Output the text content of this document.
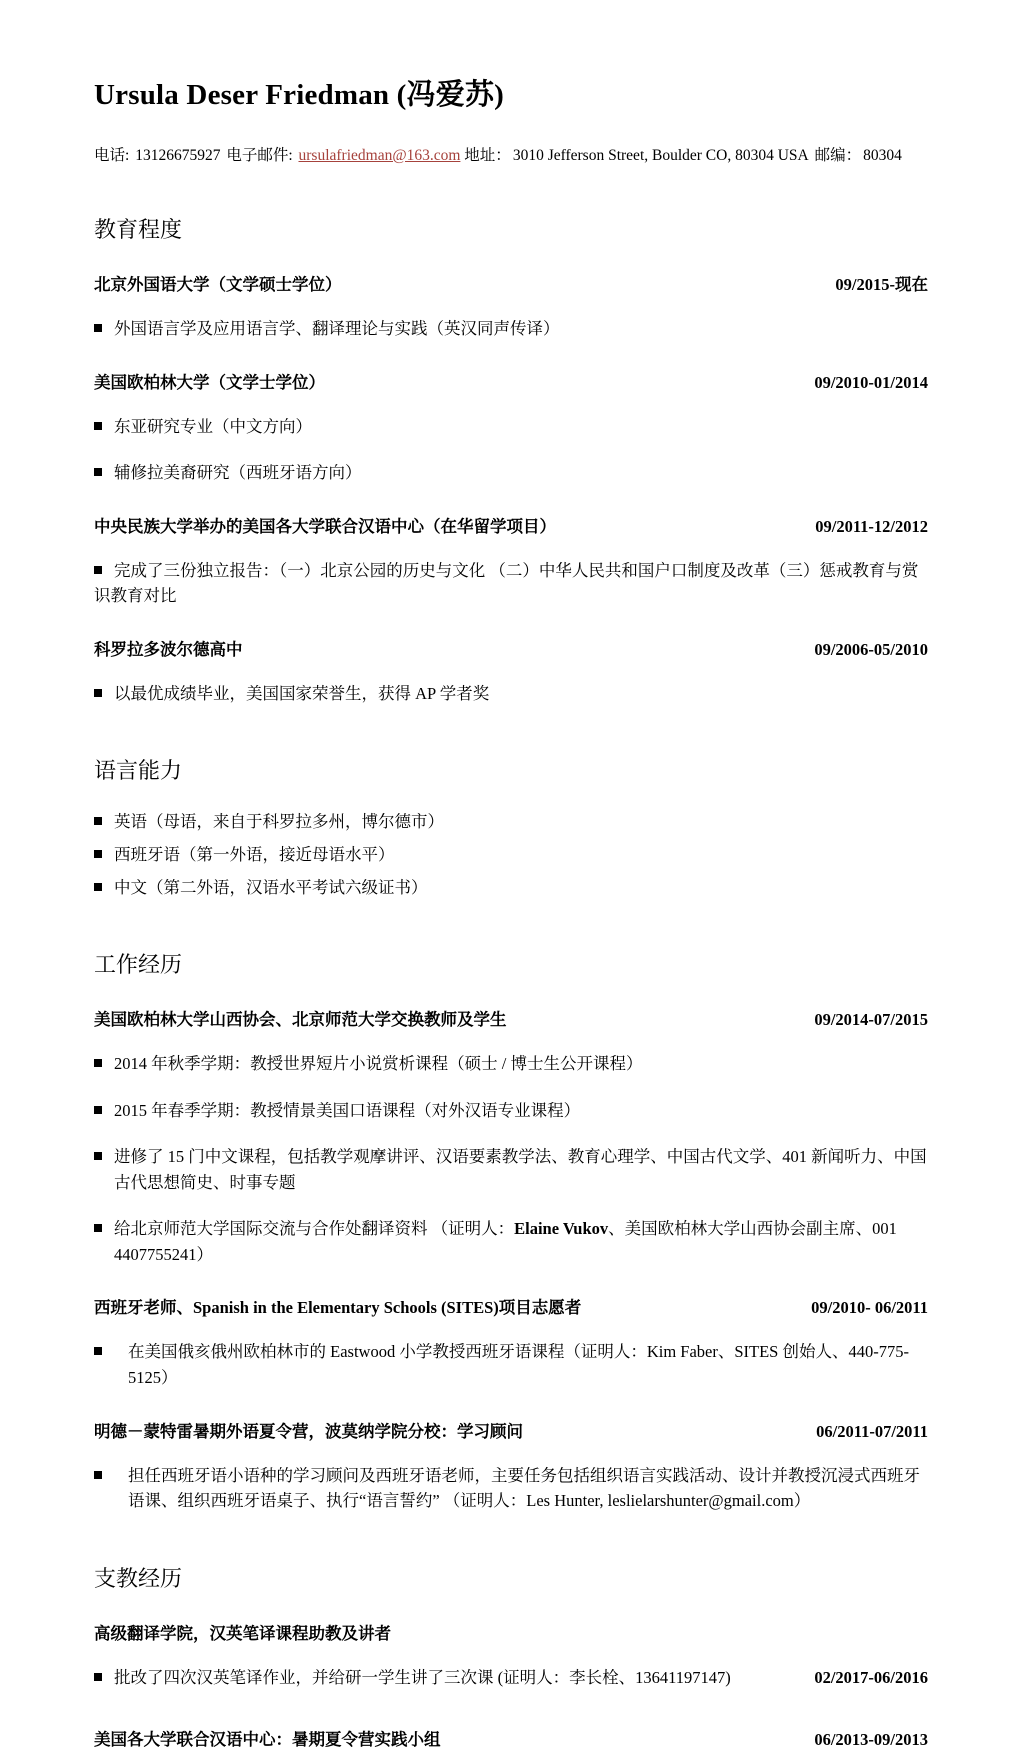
Ursula Deser Friedman (冯爱苏)
电话: 13126675927 电子邮件: ursulafriedman@163.com 地址： 3010 Jefferson Street, Boulder CO, 80304 USA 邮编： 80304
教育程度
北京外国语大学（文学硕士学位）	09/2015-现在
外国语言学及应用语言学、翻译理论与实践（英汉同声传译）
美国欧柏林大学（文学士学位）	09/2010-01/2014
东亚研究专业（中文方向）
辅修拉美裔研究（西班牙语方向）
中央民族大学举办的美国各大学联合汉语中心（在华留学项目）	09/2011-12/2012
完成了三份独立报告：（一）北京公园的历史与文化 （二）中华人民共和国户口制度及改革（三）惩戒教育与赏识教育对比
科罗拉多波尔德高中	09/2006-05/2010
以最优成绩毕业，美国国家荣誉生，获得 AP 学者奖
语言能力
英语（母语，来自于科罗拉多州，博尔德市）
西班牙语（第一外语，接近母语水平）
中文（第二外语，汉语水平考试六级证书）
工作经历
美国欧柏林大学山西协会、北京师范大学交换教师及学生	09/2014-07/2015
2014 年秋季学期：教授世界短片小说赏析课程（硕士 / 博士生公开课程）
2015 年春季学期：教授情景美国口语课程（对外汉语专业课程）
进修了 15 门中文课程，包括教学观摩讲评、汉语要素教学法、教育心理学、中国古代文学、401 新闻听力、中国古代思想简史、时事专题
给北京师范大学国际交流与合作处翻译资料 （证明人：Elaine Vukov、美国欧柏林大学山西协会副主席、001 4407755241）
西班牙老师、Spanish in the Elementary Schools (SITES)项目志愿者	09/2010- 06/2011
在美国俄亥俄州欧柏林市的 Eastwood 小学教授西班牙语课程（证明人：Kim Faber、SITES 创始人、440-775-5125）
明德－蒙特雷暑期外语夏令营，波莫纳学院分校：学习顾问	06/2011-07/2011
担任西班牙语小语种的学习顾问及西班牙语老师，主要任务包括组织语言实践活动、设计并教授沉浸式西班牙语课、组织西班牙语桌子、执行“语言誓约” （证明人：Les Hunter, leslielarshunter@gmail.com）
支教经历
高级翻译学院，汉英笔译课程助教及讲者
批改了四次汉英笔译作业，并给研一学生讲了三次课 (证明人：李长栓、13641197147)	02/2017-06/2016
美国各大学联合汉语中心：暑期夏令营实践小组	06/2013-09/2013
